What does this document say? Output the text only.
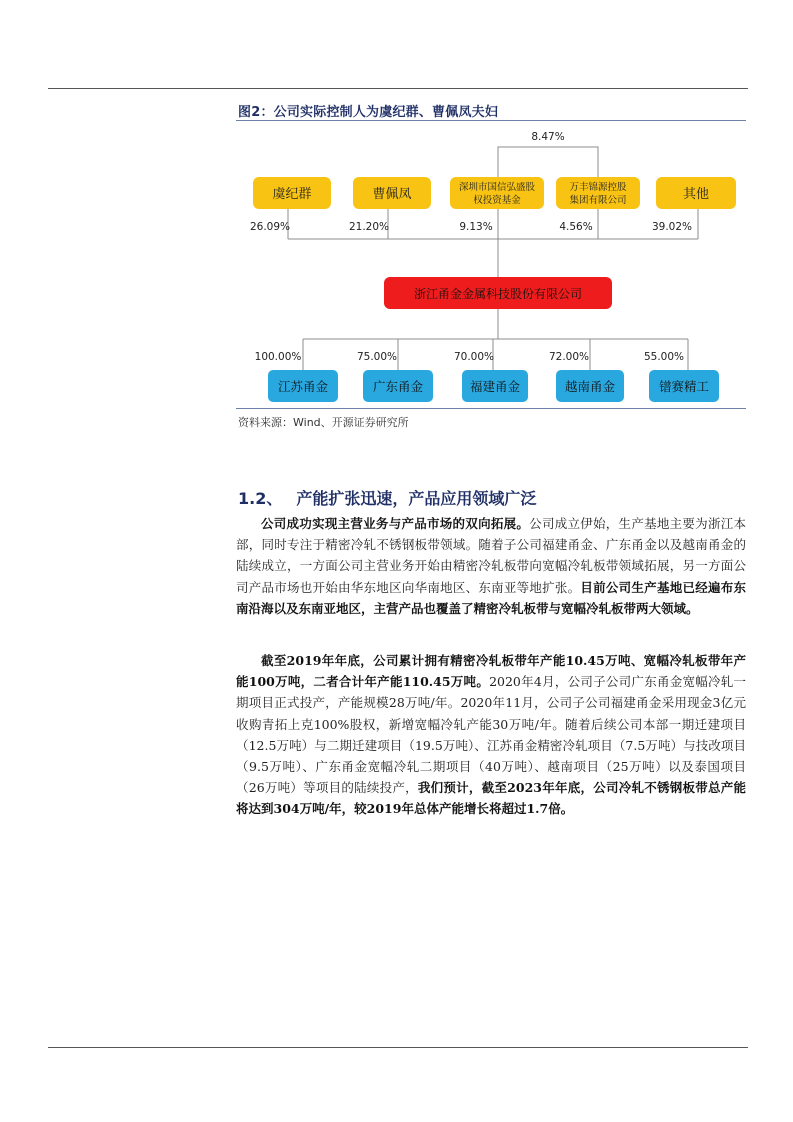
图2：公司实际控制人为虞纪群、曹佩凤夫妇
8.47%
虞纪群	曹佩凤	深圳市国信弘盛股
权投资基金
万丰锦源控股
集团有限公司	其他
26.09%	21.20%	9.13%	4.56%	39.02%
浙江甬金金属科技股份有限公司
100.00%	75.00%	70.00%	72.00%	55.00%
江苏甬金	广东甬金	福建甬金	越南甬金	镨赛精工
资料来源：Wind、开源证券研究所
1.2、 产能扩张迅速，产品应用领域广泛

公司成功实现主营业务与产品市场的双向拓展。公司成立伊始，生产基地主要为浙江本部，同时专注于精密冷轧不锈钢板带领域。随着子公司福建甬金、广东甬金以及越南甬金的陆续成立，一方面公司主营业务开始由精密冷轧板带向宽幅冷轧板带领域拓展，另一方面公司产品市场也开始由华东地区向华南地区、东南亚等地扩张。目前公司生产基地已经遍布东南沿海以及东南亚地区，主营产品也覆盖了精密冷轧板带与宽幅冷轧板带两大领域。

截至2019年年底，公司累计拥有精密冷轧板带年产能10.45万吨、宽幅冷轧板带年产能100万吨，二者合计年产能110.45万吨。2020年4月，公司子公司广东甬金宽幅冷轧一期项目正式投产，产能规模28万吨/年。2020年11月，公司子公司福建甬金采用现金3亿元收购青拓上克100%股权，新增宽幅冷轧产能30万吨/年。随着后续公司本部一期迁建项目（12.5万吨）与二期迁建项目（19.5万吨）、江苏甬金精密冷轧项目（7.5万吨）与技改项目（9.5万吨）、广东甬金宽幅冷轧二期项目（40万吨）、越南项目（25万吨）以及泰国项目（26万吨）等项目的陆续投产，我们预计，截至2023年年底，公司冷轧不锈钢板带总产能将达到304万吨/年，较2019年总体产能增长将超过1.7倍。
